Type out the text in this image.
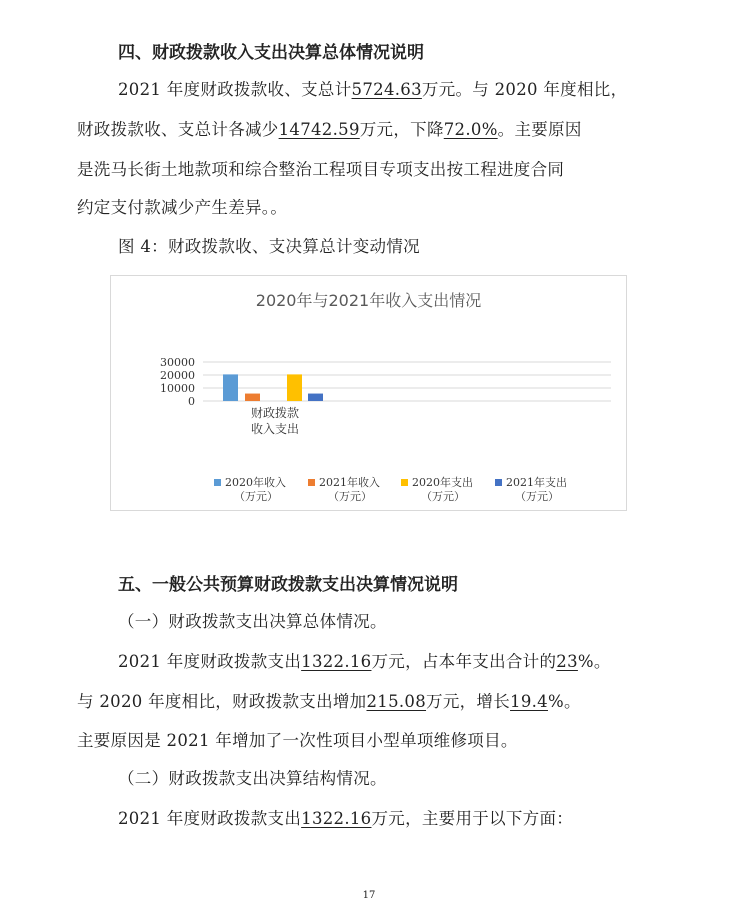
四、财政拨款收入支出决算总体情况说明
2021 年度财政拨款收、支总计5724.63万元。与 2020 年度相比，
财政拨款收、支总计各减少14742.59万元，下降72.0%。主要原因
是洗马长街土地款项和综合整治工程项目专项支出按工程进度合同
约定支付款减少产生差异。。
图 4：财政拨款收、支决算总计变动情况
2020年与2021年收入支出情况
30000
20000
10000
0
财政拨款
收入支出
2020年收入
（万元）
2021年收入
（万元）
2020年支出
（万元）
2021年支出
（万元）
五、一般公共预算财政拨款支出决算情况说明
（一）财政拨款支出决算总体情况。
2021 年度财政拨款支出1322.16万元，占本年支出合计的23%。
与 2020 年度相比，财政拨款支出增加215.08万元，增长19.4%。
主要原因是 2021 年增加了一次性项目小型单项维修项目。
（二）财政拨款支出决算结构情况。
2021 年度财政拨款支出1322.16万元，主要用于以下方面：
17
